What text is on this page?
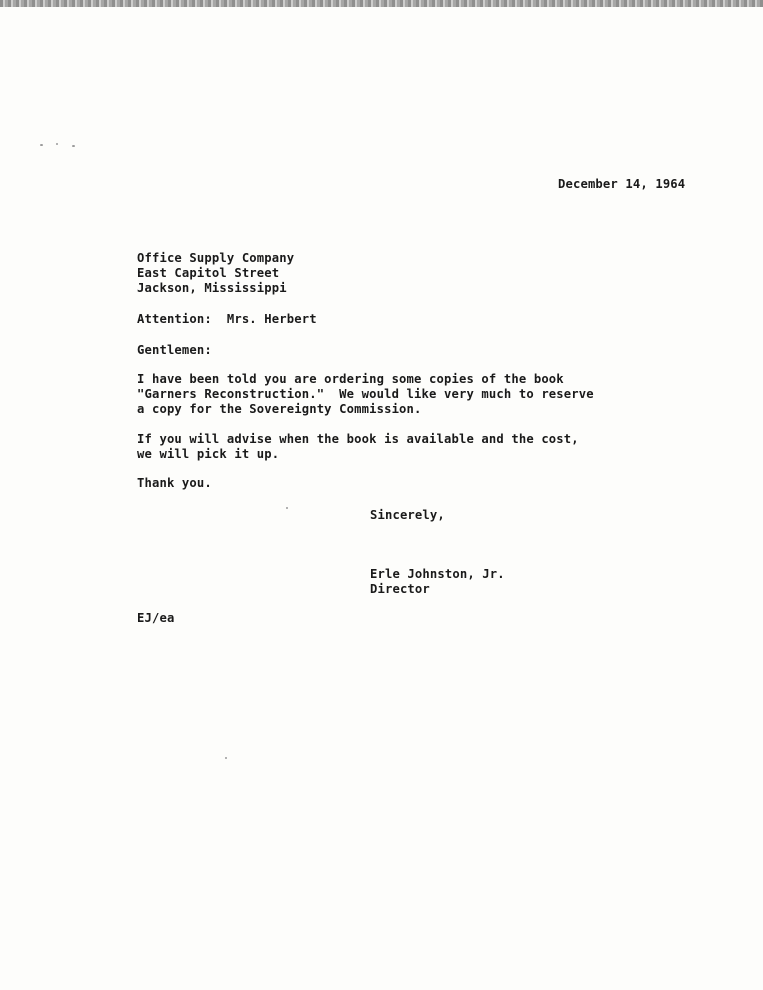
December 14, 1964
Office Supply Company
East Capitol Street
Jackson, Mississippi
Attention:  Mrs. Herbert
Gentlemen:
I have been told you are ordering some copies of the book
"Garners Reconstruction."  We would like very much to reserve
a copy for the Sovereignty Commission.
If you will advise when the book is available and the cost,
we will pick it up.
Thank you.
Sincerely,
Erle Johnston, Jr.
Director
EJ/ea
